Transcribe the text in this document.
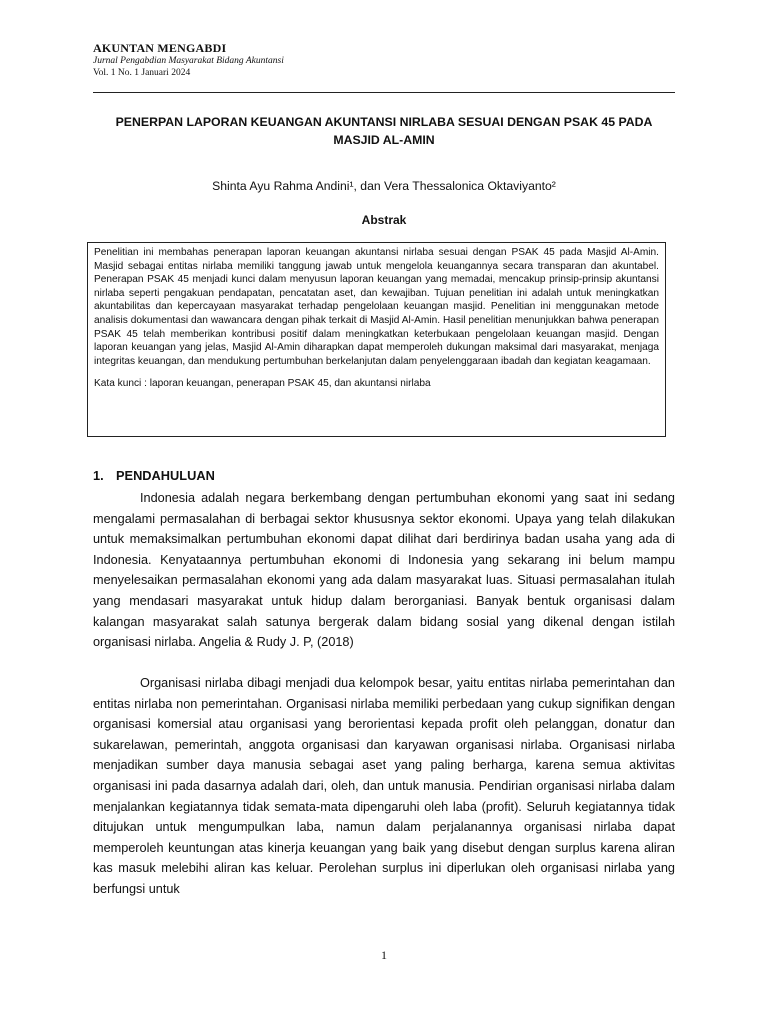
AKUNTAN MENGABDI
Jurnal Pengabdian Masyarakat Bidang Akuntansi
Vol. 1 No. 1 Januari 2024
PENERPAN LAPORAN KEUANGAN AKUNTANSI NIRLABA SESUAI DENGAN PSAK 45 PADA MASJID AL-AMIN
Shinta Ayu Rahma Andini¹, dan Vera Thessalonica Oktaviyanto²
Abstrak

Penelitian ini membahas penerapan laporan keuangan akuntansi nirlaba sesuai dengan PSAK 45 pada Masjid Al-Amin. Masjid sebagai entitas nirlaba memiliki tanggung jawab untuk mengelola keuangannya secara transparan dan akuntabel. Penerapan PSAK 45 menjadi kunci dalam menyusun laporan keuangan yang memadai, mencakup prinsip-prinsip akuntansi nirlaba seperti pengakuan pendapatan, pencatatan aset, dan kewajiban. Tujuan penelitian ini adalah untuk meningkatkan akuntabilitas dan kepercayaan masyarakat terhadap pengelolaan keuangan masjid. Penelitian ini menggunakan metode analisis dokumentasi dan wawancara dengan pihak terkait di Masjid Al-Amin. Hasil penelitian menunjukkan bahwa penerapan PSAK 45 telah memberikan kontribusi positif dalam meningkatkan keterbukaan pengelolaan keuangan masjid. Dengan laporan keuangan yang jelas, Masjid Al-Amin diharapkan dapat memperoleh dukungan maksimal dari masyarakat, menjaga integritas keuangan, dan mendukung pertumbuhan berkelanjutan dalam penyelenggaraan ibadah dan kegiatan keagamaan.

Kata kunci : laporan keuangan, penerapan PSAK 45, dan akuntansi nirlaba

1. PENDAHULUAN

Indonesia adalah negara berkembang dengan pertumbuhan ekonomi yang saat ini sedang mengalami permasalahan di berbagai sektor khususnya sektor ekonomi. Upaya yang telah dilakukan untuk memaksimalkan pertumbuhan ekonomi dapat dilihat dari berdirinya badan usaha yang ada di Indonesia. Kenyataannya pertumbuhan ekonomi di Indonesia yang sekarang ini belum mampu menyelesaikan permasalahan ekonomi yang ada dalam masyarakat luas. Situasi permasalahan itulah yang mendasari masyarakat untuk hidup dalam berorganiasi. Banyak bentuk organisasi dalam kalangan masyarakat salah satunya bergerak dalam bidang sosial yang dikenal dengan istilah organisasi nirlaba. Angelia & Rudy J. P, (2018)

Organisasi nirlaba dibagi menjadi dua kelompok besar, yaitu entitas nirlaba pemerintahan dan entitas nirlaba non pemerintahan. Organisasi nirlaba memiliki perbedaan yang cukup signifikan dengan organisasi komersial atau organisasi yang berorientasi kepada profit oleh pelanggan, donatur dan sukarelawan, pemerintah, anggota organisasi dan karyawan organisasi nirlaba. Organisasi nirlaba menjadikan sumber daya manusia sebagai aset yang paling berharga, karena semua aktivitas organisasi ini pada dasarnya adalah dari, oleh, dan untuk manusia. Pendirian organisasi nirlaba dalam menjalankan kegiatannya tidak semata-mata dipengaruhi oleh laba (profit). Seluruh kegiatannya tidak ditujukan untuk mengumpulkan laba, namun dalam perjalanannya organisasi nirlaba dapat memperoleh keuntungan atas kinerja keuangan yang baik yang disebut dengan surplus karena aliran kas masuk melebihi aliran kas keluar. Perolehan surplus ini diperlukan oleh organisasi nirlaba yang berfungsi untuk

1
